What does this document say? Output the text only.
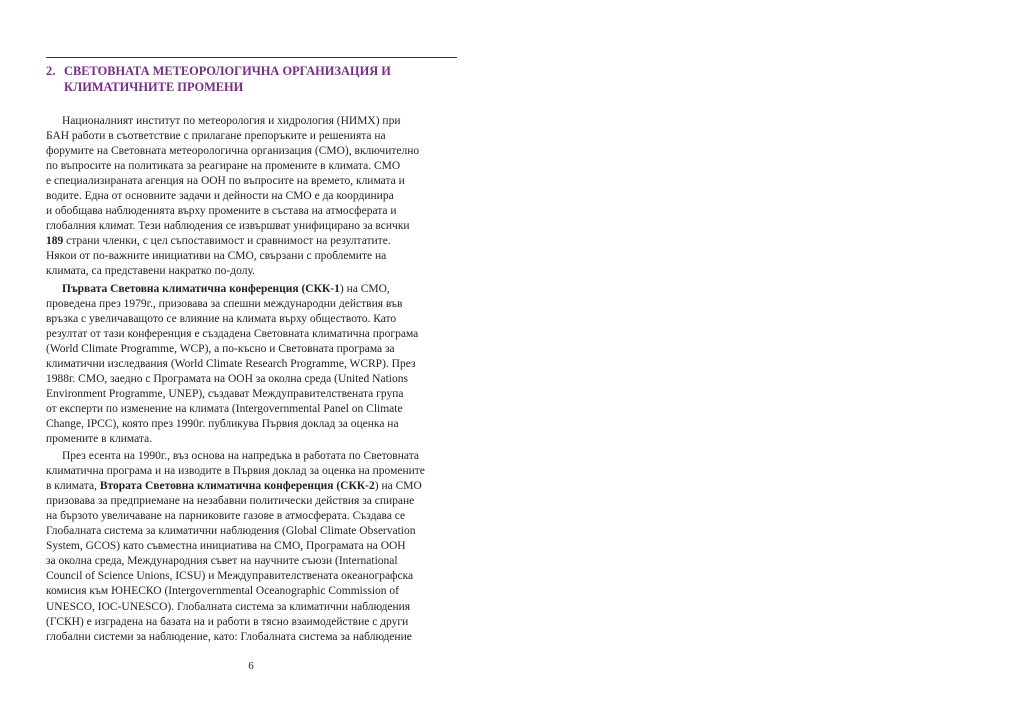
2. СВЕТОВНАТА МЕТЕОРОЛОГИЧНА ОРГАНИЗАЦИЯ И
КЛИМАТИЧНИТЕ ПРОМЕНИ

Националният институт по метеорология и хидрология (НИМХ) при
БАН работи в съответствие с прилагане препоръките и решенията на
форумите на Световната метеорологична организация (СМО), включително
по въпросите на политиката за реагиране на промените в климата. СМО
е специализираната агенция на ООН по въпросите на времето, климата и
водите. Една от основните задачи и дейности на СМО е да координира
и обобщава наблюденията върху промените в състава на атмосферата и
глобалния климат. Тези наблюдения се извършват унифицирано за всички
189 страни членки, с цел съпоставимост и сравнимост на резултатите.
Някои от по-важните инициативи на СМО, свързани с проблемите на
климата, са представени накратко по-долу.

Първата Световна климатична конференция (СКК-1) на СМО,
проведена през 1979г., призовава за спешни международни действия във
връзка с увеличаващото се влияние на климата върху обществото. Като
резултат от тази конференция е създадена Световната климатична програма
(World Climate Programme, WCP), а по-късно и Световната програма за
климатични изследвания (World Climate Research Programme, WCRP). През
1988г. СМО, заедно с Програмата на ООН за околна среда (United Nations
Environment Programme, UNEP), създават Междуправителствената група
от експерти по изменение на климата (Intergovernmental Panel on Climate
Change, IPCC), която през 1990г. публикува Първия доклад за оценка на
промените в климата.

През есента на 1990г., въз основа на напредъка в работата по Световната
климатична програма и на изводите в Първия доклад за оценка на промените
в климата, Втората Световна климатична конференция (СКК-2) на СМО
призовава за предприемане на незабавни политически действия за спиране
на бързото увеличаване на парниковите газове в атмосферата. Създава се
Глобалната система за климатични наблюдения (Global Climate Observation
System, GCOS) като съвместна инициатива на СМО, Програмата на ООН
за околна среда, Международния съвет на научните съюзи (International
Council of Science Unions, ICSU) и Междуправителствената океанографска
комисия към ЮНЕСКО (Intergovernmental Oceanographic Commission of
UNESCO, IOC-UNESCO). Глобалната система за климатични наблюдения
(ГСКН) е изградена на базата на и работи в тясно взаимодействие с други
глобални системи за наблюдение, като: Глобалната система за наблюдение

6
